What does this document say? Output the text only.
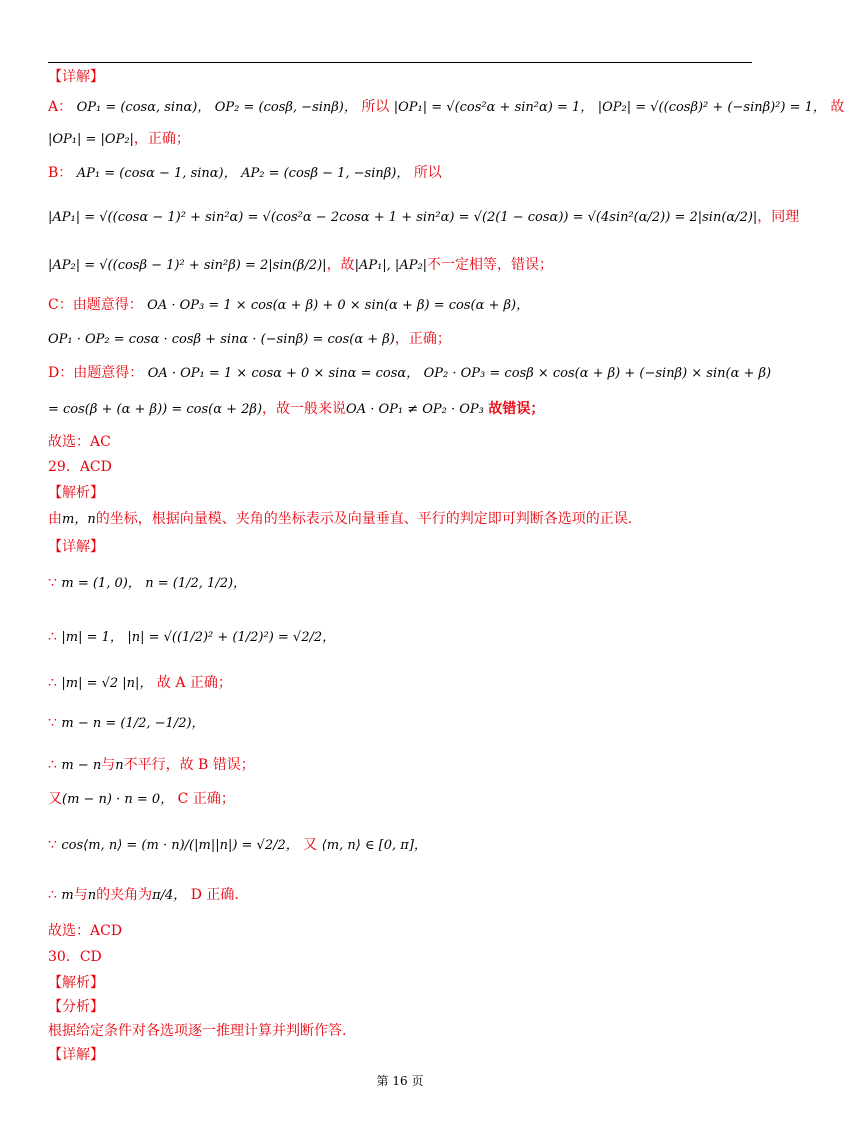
【详解】
A： OP₁ = (cosα, sinα)， OP₂ = (cosβ, −sinβ)， 所以 |OP₁| = √(cos²α + sin²α) = 1， |OP₂| = √((cosβ)² + (−sinβ)²) = 1， 故
|OP₁| = |OP₂|，正确；
B： AP₁ = (cosα − 1, sinα)， AP₂ = (cosβ − 1, −sinβ)， 所以
|AP₁| = √((cosα − 1)² + sin²α) = √(cos²α − 2cosα + 1 + sin²α) = √(2(1 − cosα)) = √(4sin²(α/2)) = 2|sin(α/2)|，同理
|AP₂| = √((cosβ − 1)² + sin²β) = 2|sin(β/2)|，故|AP₁|, |AP₂|不一定相等，错误；
C：由题意得： OA · OP₃ = 1 × cos(α + β) + 0 × sin(α + β) = cos(α + β)，
OP₁ · OP₂ = cosα · cosβ + sinα · (−sinβ) = cos(α + β)，正确；
D：由题意得： OA · OP₁ = 1 × cosα + 0 × sinα = cosα， OP₂ · OP₃ = cosβ × cos(α + β) + (−sinβ) × sin(α + β)
= cos(β + (α + β)) = cos(α + 2β)，故一般来说OA · OP₁ ≠ OP₂ · OP₃ 故错误；
故选：AC
29．ACD
【解析】
由m，n的坐标，根据向量模、夹角的坐标表示及向量垂直、平行的判定即可判断各选项的正误.
【详解】
∵ m = (1, 0)， n = (1/2, 1/2)，
∴ |m| = 1， |n| = √((1/2)² + (1/2)²) = √2/2，
∴ |m| = √2 |n|， 故 A 正确；
∵ m − n = (1/2, −1/2)，
∴ m − n与n不平行，故 B 错误；
又(m − n) · n = 0， C 正确；
∵ cos⟨m, n⟩ = (m · n)/(|m||n|) = √2/2， 又 ⟨m, n⟩ ∈ [0, π]，
∴ m与n的夹角为π/4， D 正确.
故选：ACD
30．CD
【解析】
【分析】
根据给定条件对各选项逐一推理计算并判断作答.
【详解】
第 16 页
